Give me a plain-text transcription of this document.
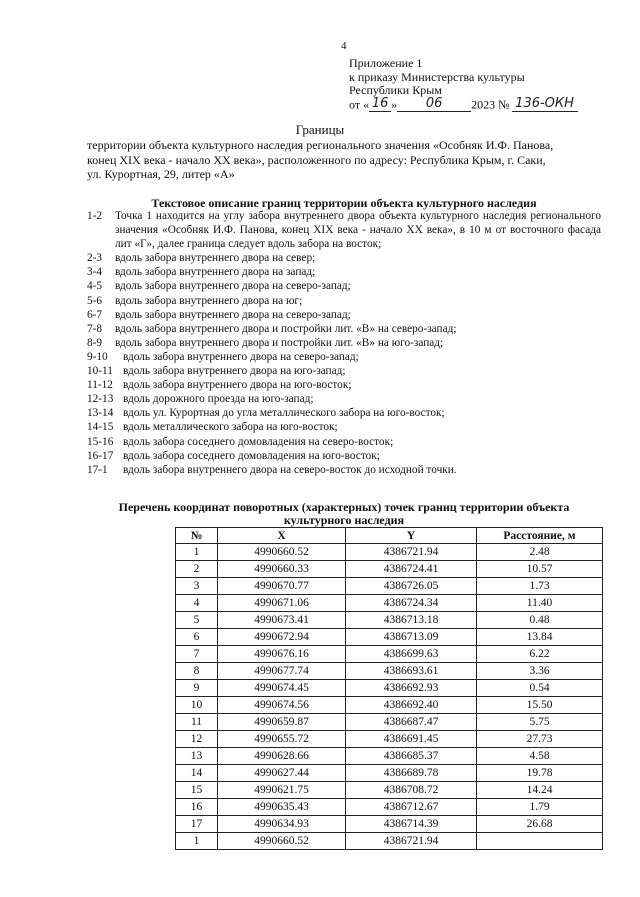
4
Приложение 1
к приказу Министерства культуры
Республики Крым
от « 16 » 06 2023 № 136-ОКН
Границы
территории объекта культурного наследия регионального значения «Особняк И.Ф. Панова,
конец XIX века - начало XX века», расположенного по адресу: Республика Крым, г. Саки,
ул. Курортная, 29, литер «А»
Текстовое описание границ территории объекта культурного наследия
1-2	Точка 1 находится на углу забора внутреннего двора объекта культурного наследия регионального значения «Особняк И.Ф. Панова, конец XIX века - начало XX века», в 10 м от восточного фасада лит «Г», далее граница следует вдоль забора на восток;
2-3	вдоль забора внутреннего двора на север;
3-4	вдоль забора внутреннего двора на запад;
4-5	вдоль забора внутреннего двора на северо-запад;
5-6	вдоль забора внутреннего двора на юг;
6-7	вдоль забора внутреннего двора на северо-запад;
7-8	вдоль забора внутреннего двора и постройки лит. «В» на северо-запад;
8-9	вдоль забора внутреннего двора и постройки лит. «В» на юго-запад;
9-10	вдоль забора внутреннего двора на северо-запад;
10-11 вдоль забора внутреннего двора на юго-запад;
11-12 вдоль забора внутреннего двора на юго-восток;
12-13 вдоль дорожного проезда на юго-запад;
13-14 вдоль ул. Курортная до угла металлического забора на юго-восток;
14-15 вдоль металлического забора на юго-восток;
15-16 вдоль забора соседнего домовладения на северо-восток;
16-17 вдоль забора соседнего домовладения на юго-восток;
17-1	вдоль забора внутреннего двора на северо-восток до исходной точки.
Перечень координат поворотных (характерных) точек границ территории объекта
культурного наследия
№	X	Y	Расстояние, м
1	4990660.52	4386721.94	2.48
2	4990660.33	4386724.41	10.57
3	4990670.77	4386726.05	1.73
4	4990671.06	4386724.34	11.40
5	4990673.41	4386713.18	0.48
6	4990672.94	4386713.09	13.84
7	4990676.16	4386699.63	6.22
8	4990677.74	4386693.61	3.36
9	4990674.45	4386692.93	0.54
10	4990674.56	4386692.40	15.50
11	4990659.87	4386687.47	5.75
12	4990655.72	4386691.45	27.73
13	4990628.66	4386685.37	4.58
14	4990627.44	4386689.78	19.78
15	4990621.75	4386708.72	14.24
16	4990635.43	4386712.67	1.79
17	4990634.93	4386714.39	26.68
1	4990660.52	4386721.94	
